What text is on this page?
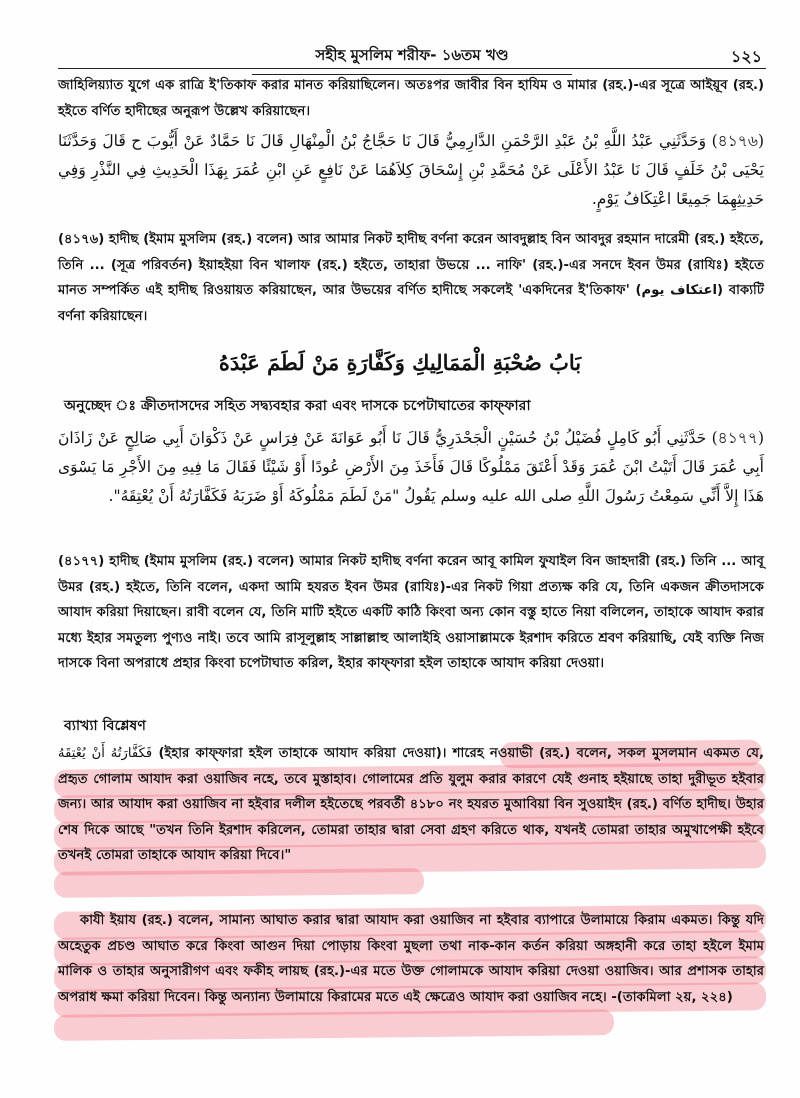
সহীহ মুসলিম শরীফ- ১৬তম খণ্ড	১২১
জাহিলিয়্যাত যুগে এক রাত্রি ই'তিকাফ করার মানত করিয়াছিলেন। অতঃপর জাবীর বিন হাযিম ও মামার (রহ.)-এর সূত্রে আইয়ূব (রহ.) হইতে বর্ণিত হাদীছের অনুরূপ উল্লেখ করিয়াছেন।
(৪১৭৬) وَحَدَّثَنِي عَبْدُ اللَّهِ بْنُ عَبْدِ الرَّحْمَنِ الدَّارِمِيُّ قَالَ نَا حَجَّاجُ بْنُ الْمِنْهَالِ قَالَ نَا حَمَّادٌ عَنْ أَيُّوبَ ح قَالَ وَحَدَّثَنَا يَحْيَى بْنُ خَلَفٍ قَالَ نَا عَبْدُ الأَعْلَى عَنْ مُحَمَّدِ بْنِ إِسْحَاقَ كِلاَهُمَا عَنْ نَافِعٍ عَنِ ابْنِ عُمَرَ بِهَذَا الْحَدِيثِ فِي النَّذْرِ وَفِي حَدِيثِهِمَا جَمِيعًا اعْتِكَافُ يَوْمٍ.
(৪১৭৬) হাদীছ (ইমাম মুসলিম (রহ.) বলেন) আর আমার নিকট হাদীছ বর্ণনা করেন আবদুল্লাহ বিন আবদুর রহমান দারেমী (রহ.) হইতে, তিনি ... (সূত্র পরিবর্তন) ইয়াহইয়া বিন খালাফ (রহ.) হইতে, তাহারা উভয়ে ... নাফি' (রহ.)-এর সনদে ইবন উমর (রাযিঃ) হইতে মানত সম্পর্কিত এই হাদীছ রিওয়ায়ত করিয়াছেন, আর উভয়ের বর্ণিত হাদীছে সকলেই 'একদিনের ই'তিকাফ' (اعتكاف يوم) বাক্যটি বর্ণনা করিয়াছেন।
بَابُ صُحْبَةِ الْمَمَالِيكِ وَكَفَّارَةِ مَنْ لَطَمَ عَبْدَهُ
অনুচ্ছেদ ঃ ক্রীতদাসদের সহিত সদ্ব্যবহার করা এবং দাসকে চপেটাঘাতের কাফ্ফারা
(৪১৭৭) حَدَّثَنِي أَبُو كَامِلٍ فُضَيْلُ بْنُ حُسَيْنٍ الْجَحْدَرِيُّ قَالَ نَا أَبُو عَوَانَةَ عَنْ فِرَاسٍ عَنْ ذَكْوَانَ أَبِي صَالِحٍ عَنْ زَاذَانَ أَبِي عُمَرَ قَالَ أَتَيْتُ ابْنَ عُمَرَ وَقَدْ أَعْتَقَ مَمْلُوكًا قَالَ فَأَخَذَ مِنَ الأَرْضِ عُودًا أَوْ شَيْئًا فَقَالَ مَا فِيهِ مِنَ الأَجْرِ مَا يَسْوَى هَذَا إِلاَّ أَنِّي سَمِعْتُ رَسُولَ اللَّهِ صلى الله عليه وسلم يَقُولُ "مَنْ لَطَمَ مَمْلُوكَهُ أَوْ ضَرَبَهُ فَكَفَّارَتُهُ أَنْ يُعْتِقَهُ".
(৪১৭৭) হাদীছ (ইমাম মুসলিম (রহ.) বলেন) আমার নিকট হাদীছ বর্ণনা করেন আবূ কামিল ফুযাইল বিন জাহদারী (রহ.) তিনি ... আবূ উমর (রহ.) হইতে, তিনি বলেন, একদা আমি হযরত ইবন উমর (রাযিঃ)-এর নিকট গিয়া প্রত্যক্ষ করি যে, তিনি একজন ক্রীতদাসকে আযাদ করিয়া দিয়াছেন। রাবী বলেন যে, তিনি মাটি হইতে একটি কাঠি কিংবা অন্য কোন বস্তু হাতে নিয়া বলিলেন, তাহাকে আযাদ করার মধ্যে ইহার সমতুল্য পুণ্যও নাই। তবে আমি রাসূলুল্লাহ সাল্লাল্লাহু আলাইহি ওয়াসাল্লামকে ইরশাদ করিতে শ্রবণ করিয়াছি, যেই ব্যক্তি নিজ দাসকে বিনা অপরাধে প্রহার কিংবা চপেটাঘাত করিল, ইহার কাফ্ফারা হইল তাহাকে আযাদ করিয়া দেওয়া।
ব্যাখ্যা বিশ্লেষণ
فَكَفَّارَتُهُ أَنْ يُعْتِقَهُ (ইহার কাফ্ফারা হইল তাহাকে আযাদ করিয়া দেওয়া)। শারেহ নওয়াভী (রহ.) বলেন, সকল মুসলমান একমত যে, প্রহৃত গোলাম আযাদ করা ওয়াজিব নহে, তবে মুস্তাহাব। গোলামের প্রতি যুলুম করার কারণে যেই গুনাহ হইয়াছে তাহা দুরীভূত হইবার জন্য। আর আযাদ করা ওয়াজিব না হইবার দলীল হইতেছে পরবর্তী ৪১৮০ নং হযরত মুআবিয়া বিন সুওয়াইদ (রহ.) বর্ণিত হাদীছ। উহার শেষ দিকে আছে "তখন তিনি ইরশাদ করিলেন, তোমরা তাহার দ্বারা সেবা গ্রহণ করিতে থাক, যখনই তোমরা তাহার অমুখাপেক্ষী হইবে তখনই তোমরা তাহাকে আযাদ করিয়া দিবে।"
কাযী ইয়ায (রহ.) বলেন, সামান্য আঘাত করার দ্বারা আযাদ করা ওয়াজিব না হইবার ব্যাপারে উলামায়ে কিরাম একমত। কিন্তু যদি অহেতুক প্রচণ্ড আঘাত করে কিংবা আগুন দিয়া পোড়ায় কিংবা মুছলা তথা নাক-কান কর্তন করিয়া অঙ্গহানী করে তাহা হইলে ইমাম মালিক ও তাহার অনুসারীগণ এবং ফকীহ লায়ছ (রহ.)-এর মতে উক্ত গোলামকে আযাদ করিয়া দেওয়া ওয়াজিব। আর প্রশাসক তাহার অপরাধ ক্ষমা করিয়া দিবেন। কিন্তু অন্যান্য উলামায়ে কিরামের মতে এই ক্ষেত্রেও আযাদ করা ওয়াজিব নহে। -(তাকমিলা ২য়, ২২৪)
